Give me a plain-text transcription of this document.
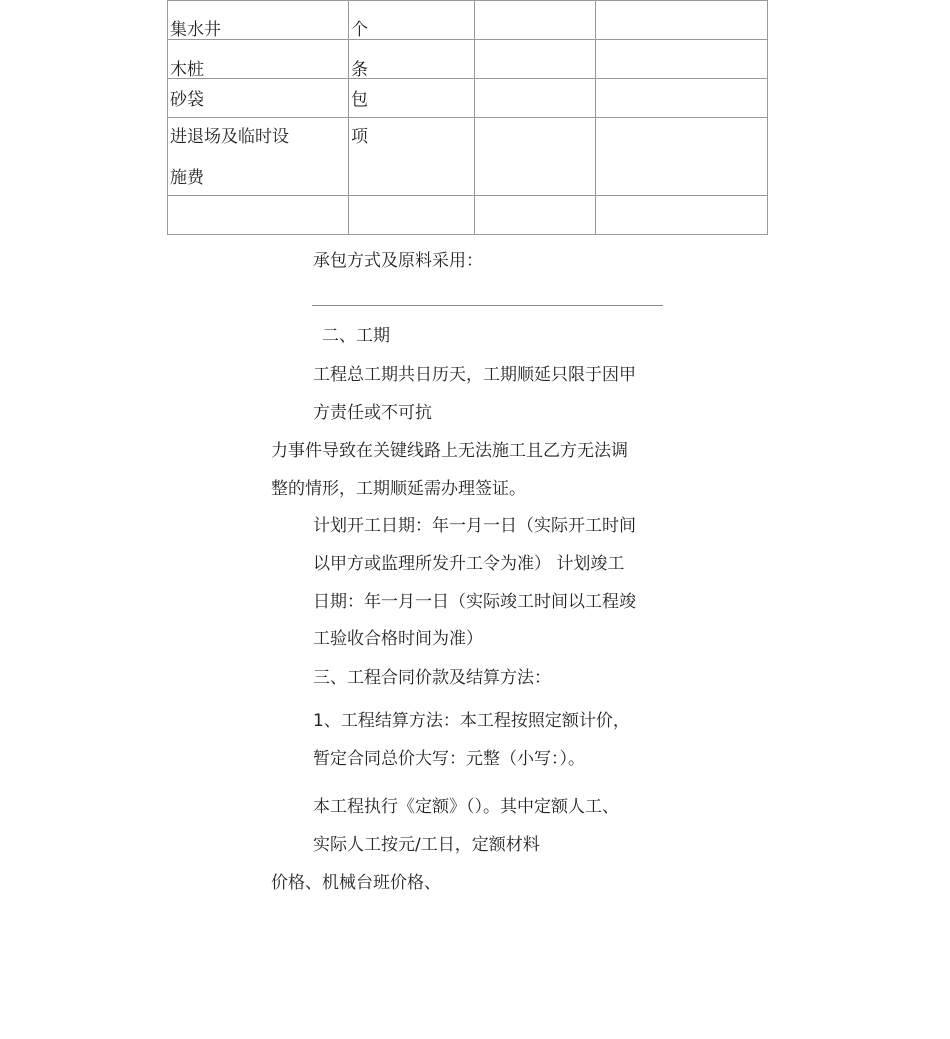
集水井	个		

木桩	条		

砂袋	包		

进退场及临时设
施费	项		

承包方式及原料采用：
二、工期
工程总工期共日历天，工期顺延只限于因甲
方责任或不可抗
力事件导致在关键线路上无法施工且乙方无法调
整的情形，工期顺延需办理签证。
计划开工日期：年一月一日（实际开工时间
以甲方或监理所发升工令为准） 计划竣工
日期：年一月一日（实际竣工时间以工程竣
工验收合格时间为准）
三、工程合同价款及结算方法：
1、工程结算方法：本工程按照定额计价，
暂定合同总价大写：元整（小写：）。
本工程执行《定额》（）。其中定额人工、
实际人工按元/工日，定额材料
价格、机械台班价格、
